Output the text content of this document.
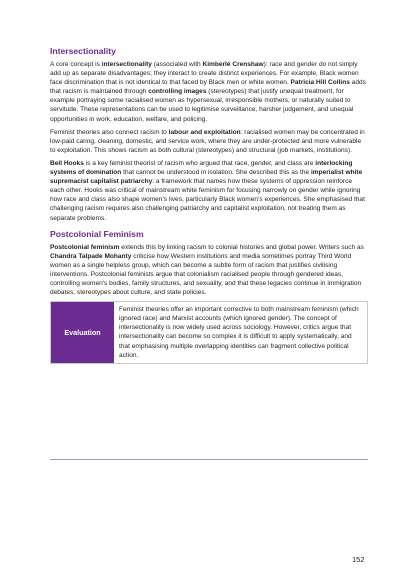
Intersectionality

A core concept is intersectionality (associated with Kimberlé Crenshaw): race and gender do not simply add up as separate disadvantages; they interact to create distinct experiences. For example, Black women face discrimination that is not identical to that faced by Black men or white women. Patricia Hill Collins adds that racism is maintained through controlling images (stereotypes) that justify unequal treatment, for example portraying some racialised women as hypersexual, irresponsible mothers, or naturally suited to servitude. These representations can be used to legitimise surveillance, harsher judgement, and unequal opportunities in work, education, welfare, and policing.

Feminist theories also connect racism to labour and exploitation: racialised women may be concentrated in low-paid caring, cleaning, domestic, and service work, where they are under-protected and more vulnerable to exploitation. This shows racism as both cultural (stereotypes) and structural (job markets, institutions).

Bell Hooks is a key feminist theorist of racism who argued that race, gender, and class are interlocking systems of domination that cannot be understood in isolation. She described this as the imperialist white supremacist capitalist patriarchy: a framework that names how these systems of oppression reinforce each other. Hooks was critical of mainstream white feminism for focusing narrowly on gender while ignoring how race and class also shape women’s lives, particularly Black women’s experiences. She emphasised that challenging racism requires also challenging patriarchy and capitalist exploitation, not treating them as separate problems.

Postcolonial Feminism

Postcolonial feminism extends this by linking racism to colonial histories and global power. Writers such as Chandra Talpade Mohanty criticise how Western institutions and media sometimes portray Third World women as a single helpless group, which can become a subtle form of racism that justifies civilising interventions. Postcolonial feminists argue that colonialism racialised people through gendered ideas, controlling women's bodies, family structures, and sexuality, and that these legacies continue in immigration debates, stereotypes about culture, and state policies.

Evaluation
Feminist theories offer an important corrective to both mainstream feminism (which ignored race) and Marxist accounts (which ignored gender). The concept of intersectionality is now widely used across sociology. However, critics argue that intersectionality can become so complex it is difficult to apply systematically, and that emphasising multiple overlapping identities can fragment collective political action.
152
